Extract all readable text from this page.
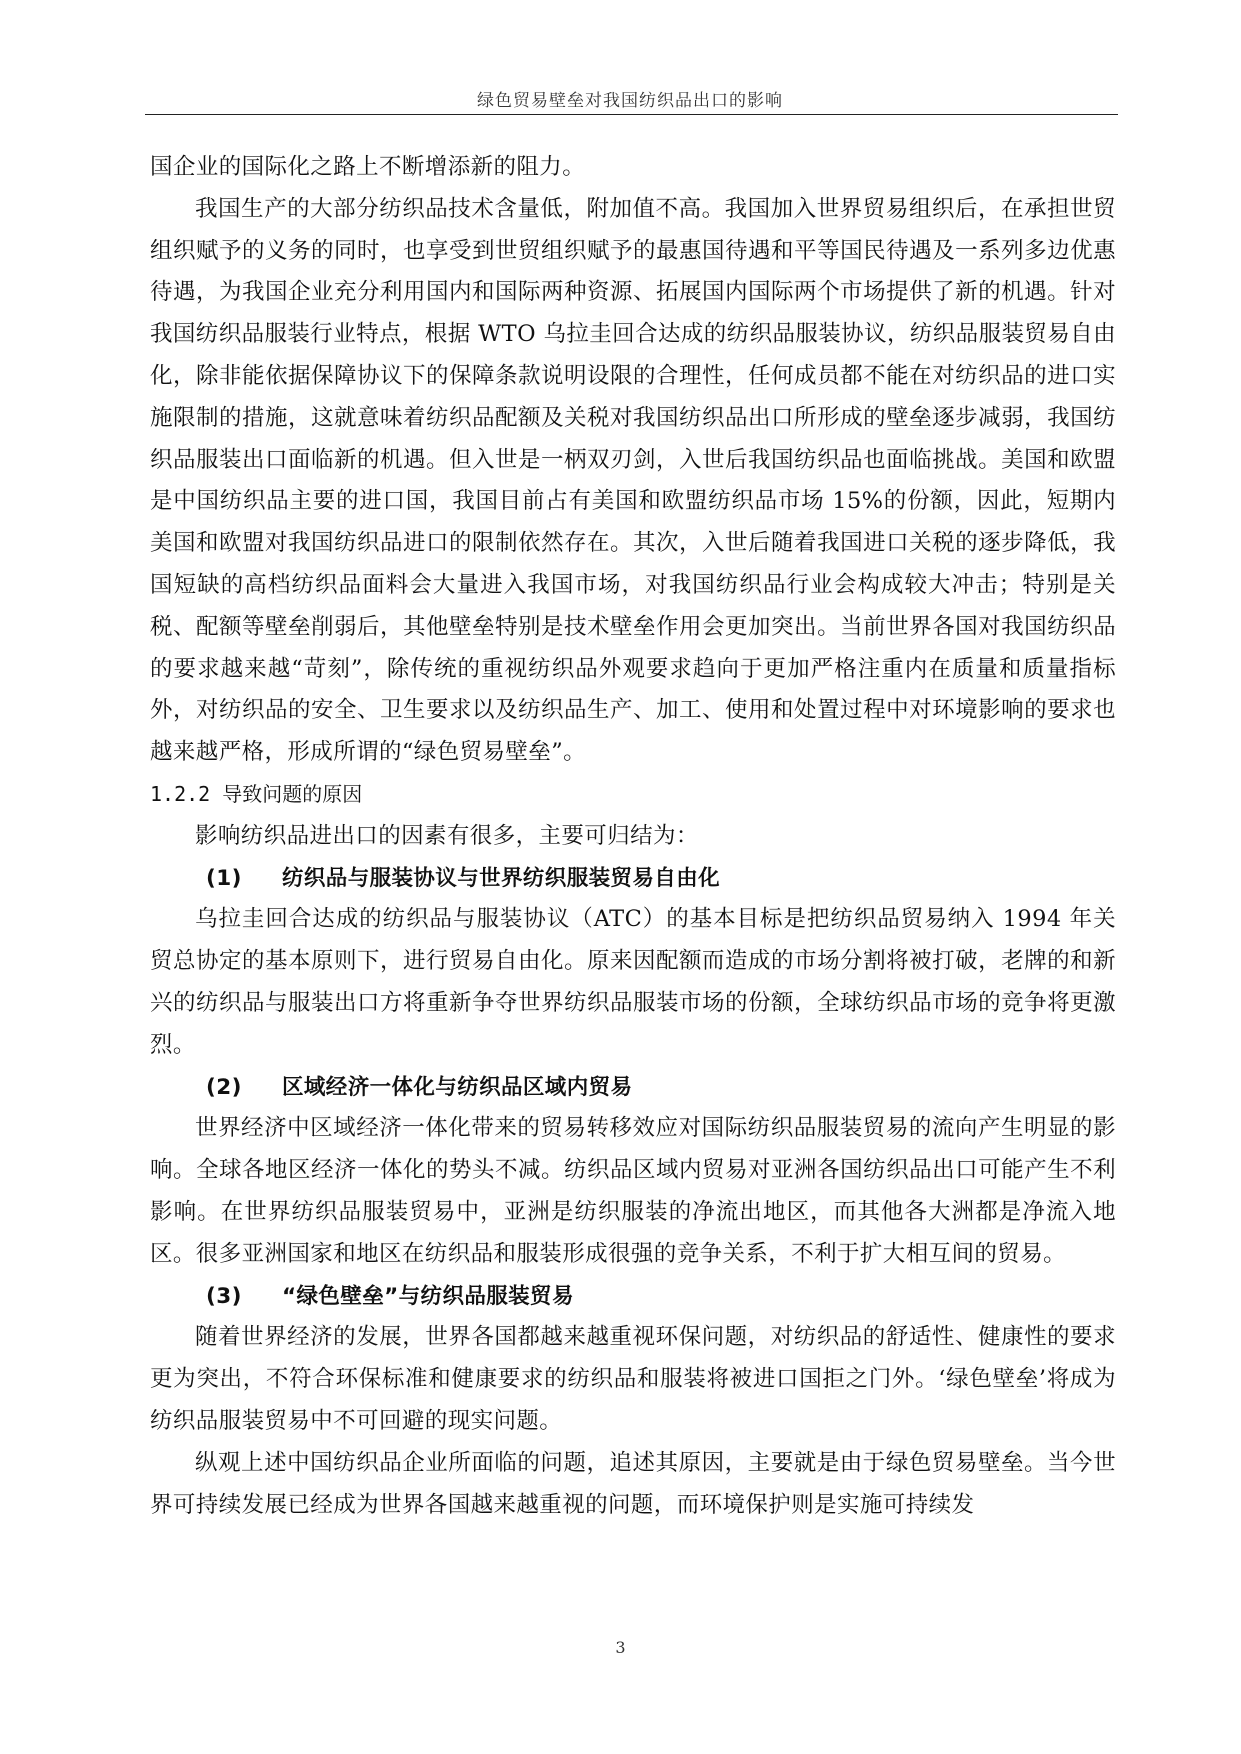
绿色贸易壁垒对我国纺织品出口的影响

国企业的国际化之路上不断增添新的阻力。

我国生产的大部分纺织品技术含量低，附加值不高。我国加入世界贸易组织后，在承担世贸组织赋予的义务的同时，也享受到世贸组织赋予的最惠国待遇和平等国民待遇及一系列多边优惠待遇，为我国企业充分利用国内和国际两种资源、拓展国内国际两个市场提供了新的机遇。针对我国纺织品服装行业特点，根据 WTO 乌拉圭回合达成的纺织品服装协议，纺织品服装贸易自由化，除非能依据保障协议下的保障条款说明设限的合理性，任何成员都不能在对纺织品的进口实施限制的措施，这就意味着纺织品配额及关税对我国纺织品出口所形成的壁垒逐步减弱，我国纺织品服装出口面临新的机遇。但入世是一柄双刃剑，入世后我国纺织品也面临挑战。美国和欧盟是中国纺织品主要的进口国，我国目前占有美国和欧盟纺织品市场 15%的份额，因此，短期内美国和欧盟对我国纺织品进口的限制依然存在。其次，入世后随着我国进口关税的逐步降低，我国短缺的高档纺织品面料会大量进入我国市场，对我国纺织品行业会构成较大冲击；特别是关税、配额等壁垒削弱后，其他壁垒特别是技术壁垒作用会更加突出。当前世界各国对我国纺织品的要求越来越“苛刻”，除传统的重视纺织品外观要求趋向于更加严格注重内在质量和质量指标外，对纺织品的安全、卫生要求以及纺织品生产、加工、使用和处置过程中对环境影响的要求也越来越严格，形成所谓的“绿色贸易壁垒”。

1.2.2 导致问题的原因

影响纺织品进出口的因素有很多，主要可归结为：

(1) 纺织品与服装协议与世界纺织服装贸易自由化

乌拉圭回合达成的纺织品与服装协议（ATC）的基本目标是把纺织品贸易纳入 1994 年关贸总协定的基本原则下，进行贸易自由化。原来因配额而造成的市场分割将被打破，老牌的和新兴的纺织品与服装出口方将重新争夺世界纺织品服装市场的份额，全球纺织品市场的竞争将更激烈。

(2) 区域经济一体化与纺织品区域内贸易

世界经济中区域经济一体化带来的贸易转移效应对国际纺织品服装贸易的流向产生明显的影响。全球各地区经济一体化的势头不减。纺织品区域内贸易对亚洲各国纺织品出口可能产生不利影响。在世界纺织品服装贸易中，亚洲是纺织服装的净流出地区，而其他各大洲都是净流入地区。很多亚洲国家和地区在纺织品和服装形成很强的竞争关系，不利于扩大相互间的贸易。

(3) “绿色壁垒”与纺织品服装贸易

随着世界经济的发展，世界各国都越来越重视环保问题，对纺织品的舒适性、健康性的要求更为突出，不符合环保标准和健康要求的纺织品和服装将被进口国拒之门外。‘绿色壁垒’将成为纺织品服装贸易中不可回避的现实问题。

纵观上述中国纺织品企业所面临的问题，追述其原因，主要就是由于绿色贸易壁垒。当今世界可持续发展已经成为世界各国越来越重视的问题，而环境保护则是实施可持续发

3
